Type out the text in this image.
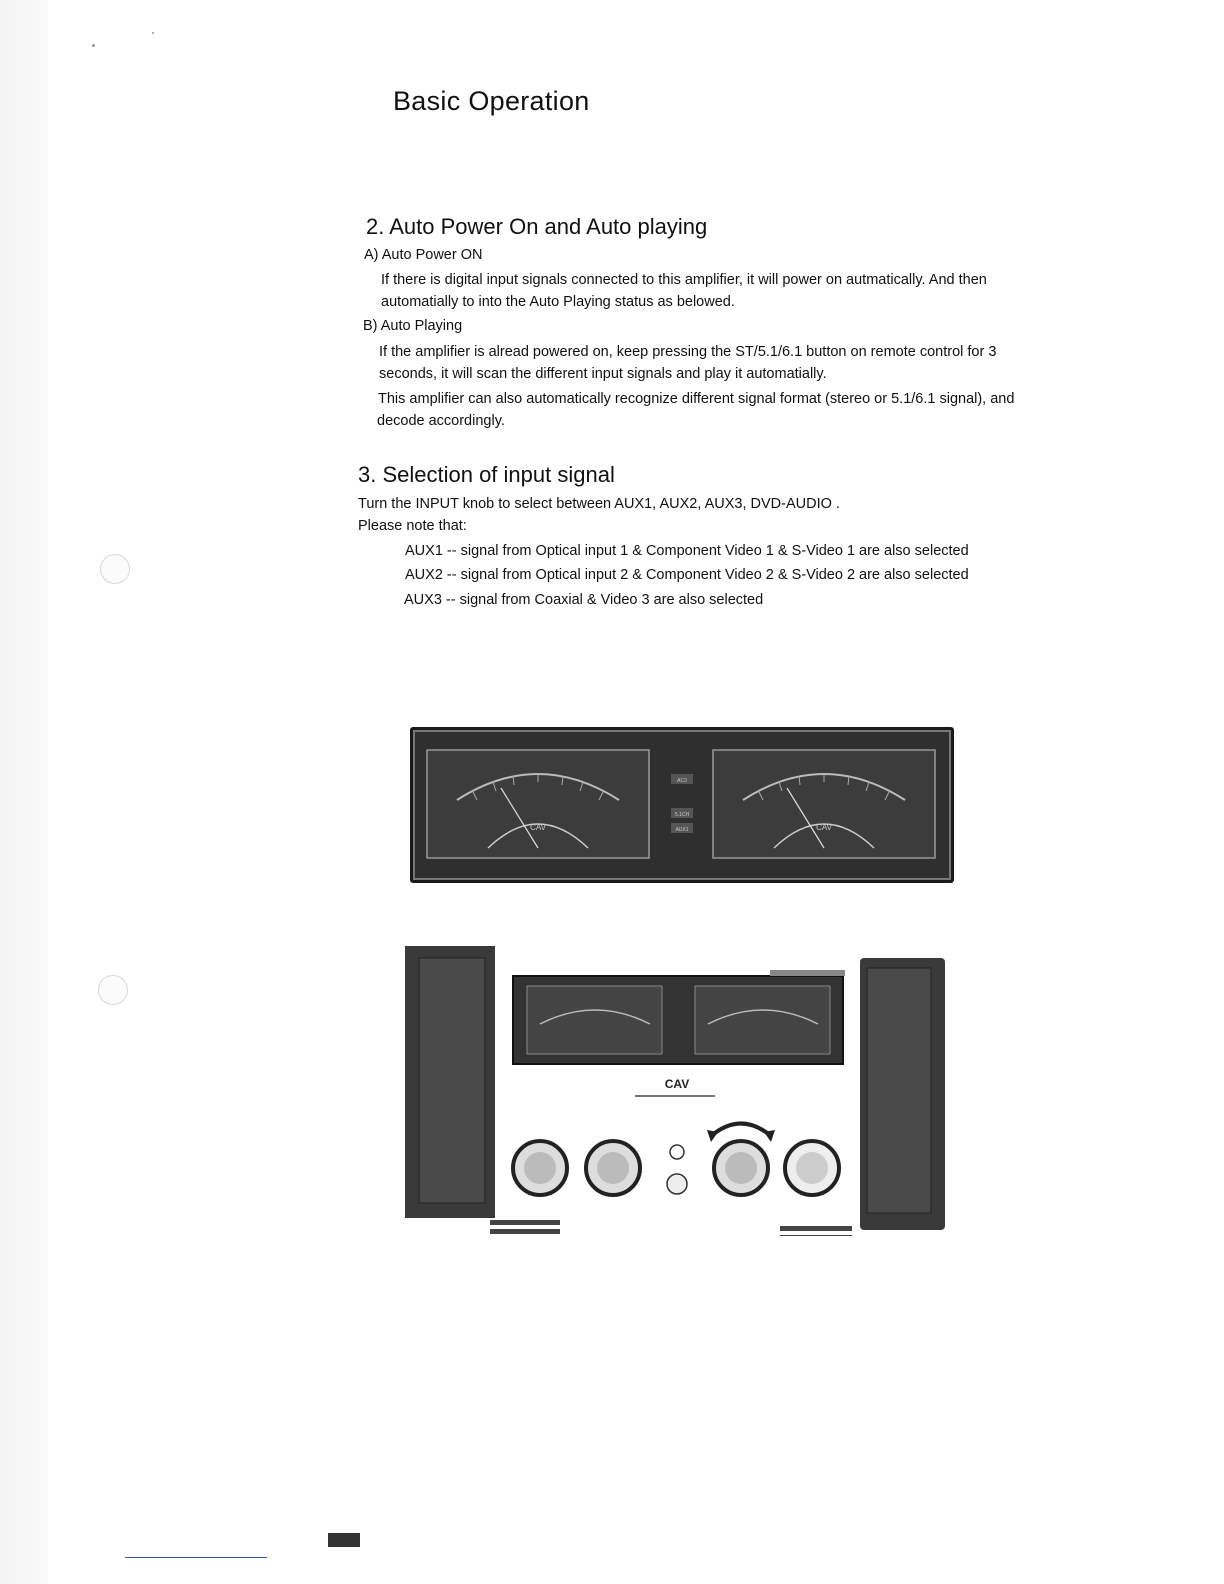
Basic Operation
2. Auto Power On and Auto playing

A) Auto Power ON

If there is digital input signals connected to this amplifier, it will power on autmatically. And then

automatially to into the Auto Playing status as belowed.

B) Auto Playing

If the amplifier is alread powered on, keep pressing the ST/5.1/6.1 button on remote control for 3

seconds, it will scan the different input signals and play it automatially.

This amplifier can also automatically recognize different signal format (stereo or 5.1/6.1 signal), and

decode accordingly.

3. Selection of input signal

Turn the INPUT knob to select between AUX1, AUX2, AUX3, DVD-AUDIO .

Please note that:

AUX1 -- signal from Optical input 1 & Component Video 1 & S-Video 1 are also selected

AUX2 -- signal from Optical input 2 & Component Video 2 & S-Video 2 are also selected

AUX3 -- signal from Coaxial & Video 3 are also selected

AC3
5.1CH
AUX1
CAV	CAV
CAV
